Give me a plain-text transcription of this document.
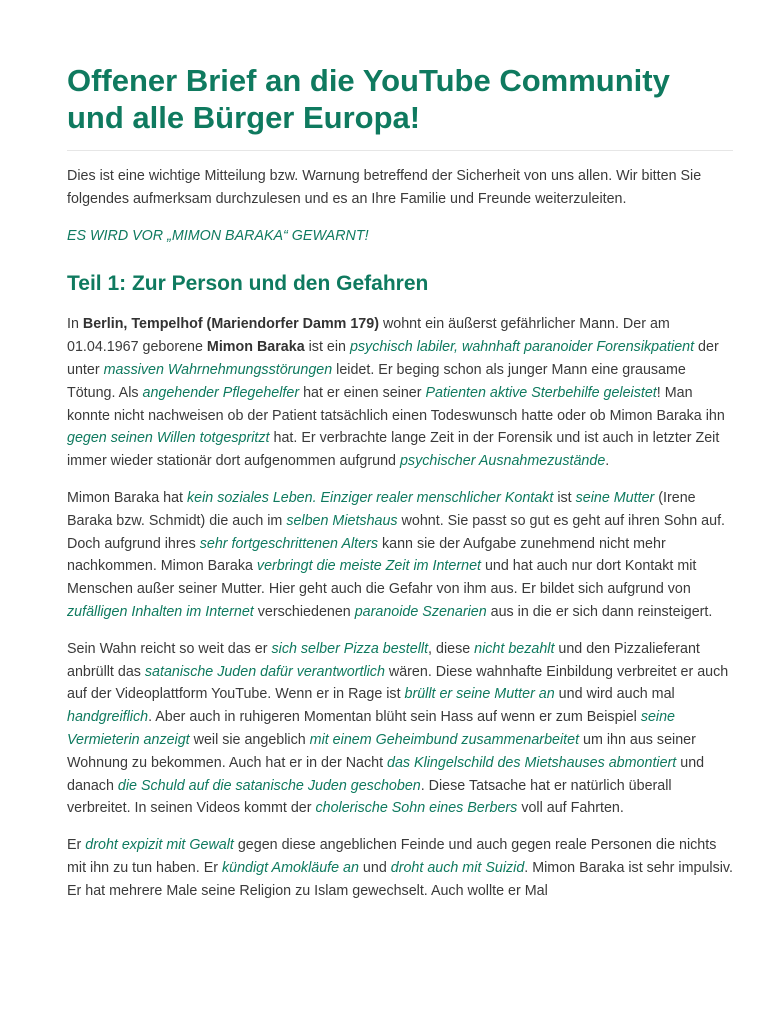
Offener Brief an die YouTube Community und alle Bürger Europa!

Dies ist eine wichtige Mitteilung bzw. Warnung betreffend der Sicherheit von uns allen. Wir bitten Sie folgendes aufmerksam durchzulesen und es an Ihre Familie und Freunde weiterzuleiten.

ES WIRD VOR „MIMON BARAKA“ GEWARNT!

Teil 1: Zur Person und den Gefahren

In Berlin, Tempelhof (Mariendorfer Damm 179) wohnt ein äußerst gefährlicher Mann. Der am 01.04.1967 geborene Mimon Baraka ist ein psychisch labiler, wahnhaft paranoider Forensikpatient der unter massiven Wahrnehmungsstörungen leidet. Er beging schon als junger Mann eine grausame Tötung. Als angehender Pflegehelfer hat er einen seiner Patienten aktive Sterbehilfe geleistet! Man konnte nicht nachweisen ob der Patient tatsächlich einen Todeswunsch hatte oder ob Mimon Baraka ihn gegen seinen Willen totgespritzt hat. Er verbrachte lange Zeit in der Forensik und ist auch in letzter Zeit immer wieder stationär dort aufgenommen aufgrund psychischer Ausnahmezustände.

Mimon Baraka hat kein soziales Leben. Einziger realer menschlicher Kontakt ist seine Mutter (Irene Baraka bzw. Schmidt) die auch im selben Mietshaus wohnt. Sie passt so gut es geht auf ihren Sohn auf. Doch aufgrund ihres sehr fortgeschrittenen Alters kann sie der Aufgabe zunehmend nicht mehr nachkommen. Mimon Baraka verbringt die meiste Zeit im Internet und hat auch nur dort Kontakt mit Menschen außer seiner Mutter. Hier geht auch die Gefahr von ihm aus. Er bildet sich aufgrund von zufälligen Inhalten im Internet verschiedenen paranoide Szenarien aus in die er sich dann reinsteigert.

Sein Wahn reicht so weit das er sich selber Pizza bestellt, diese nicht bezahlt und den Pizzalieferant anbrüllt das satanische Juden dafür verantwortlich wären. Diese wahnhafte Einbildung verbreitet er auch auf der Videoplattform YouTube. Wenn er in Rage ist brüllt er seine Mutter an und wird auch mal handgreiflich. Aber auch in ruhigeren Momentan blüht sein Hass auf wenn er zum Beispiel seine Vermieterin anzeigt weil sie angeblich mit einem Geheimbund zusammenarbeitet um ihn aus seiner Wohnung zu bekommen. Auch hat er in der Nacht das Klingelschild des Mietshauses abmontiert und danach die Schuld auf die satanische Juden geschoben. Diese Tatsache hat er natürlich überall verbreitet. In seinen Videos kommt der cholerische Sohn eines Berbers voll auf Fahrten.

Er droht expizit mit Gewalt gegen diese angeblichen Feinde und auch gegen reale Personen die nichts mit ihn zu tun haben. Er kündigt Amokläufe an und droht auch mit Suizid. Mimon Baraka ist sehr impulsiv. Er hat mehrere Male seine Religion zu Islam gewechselt. Auch wollte er Mal
